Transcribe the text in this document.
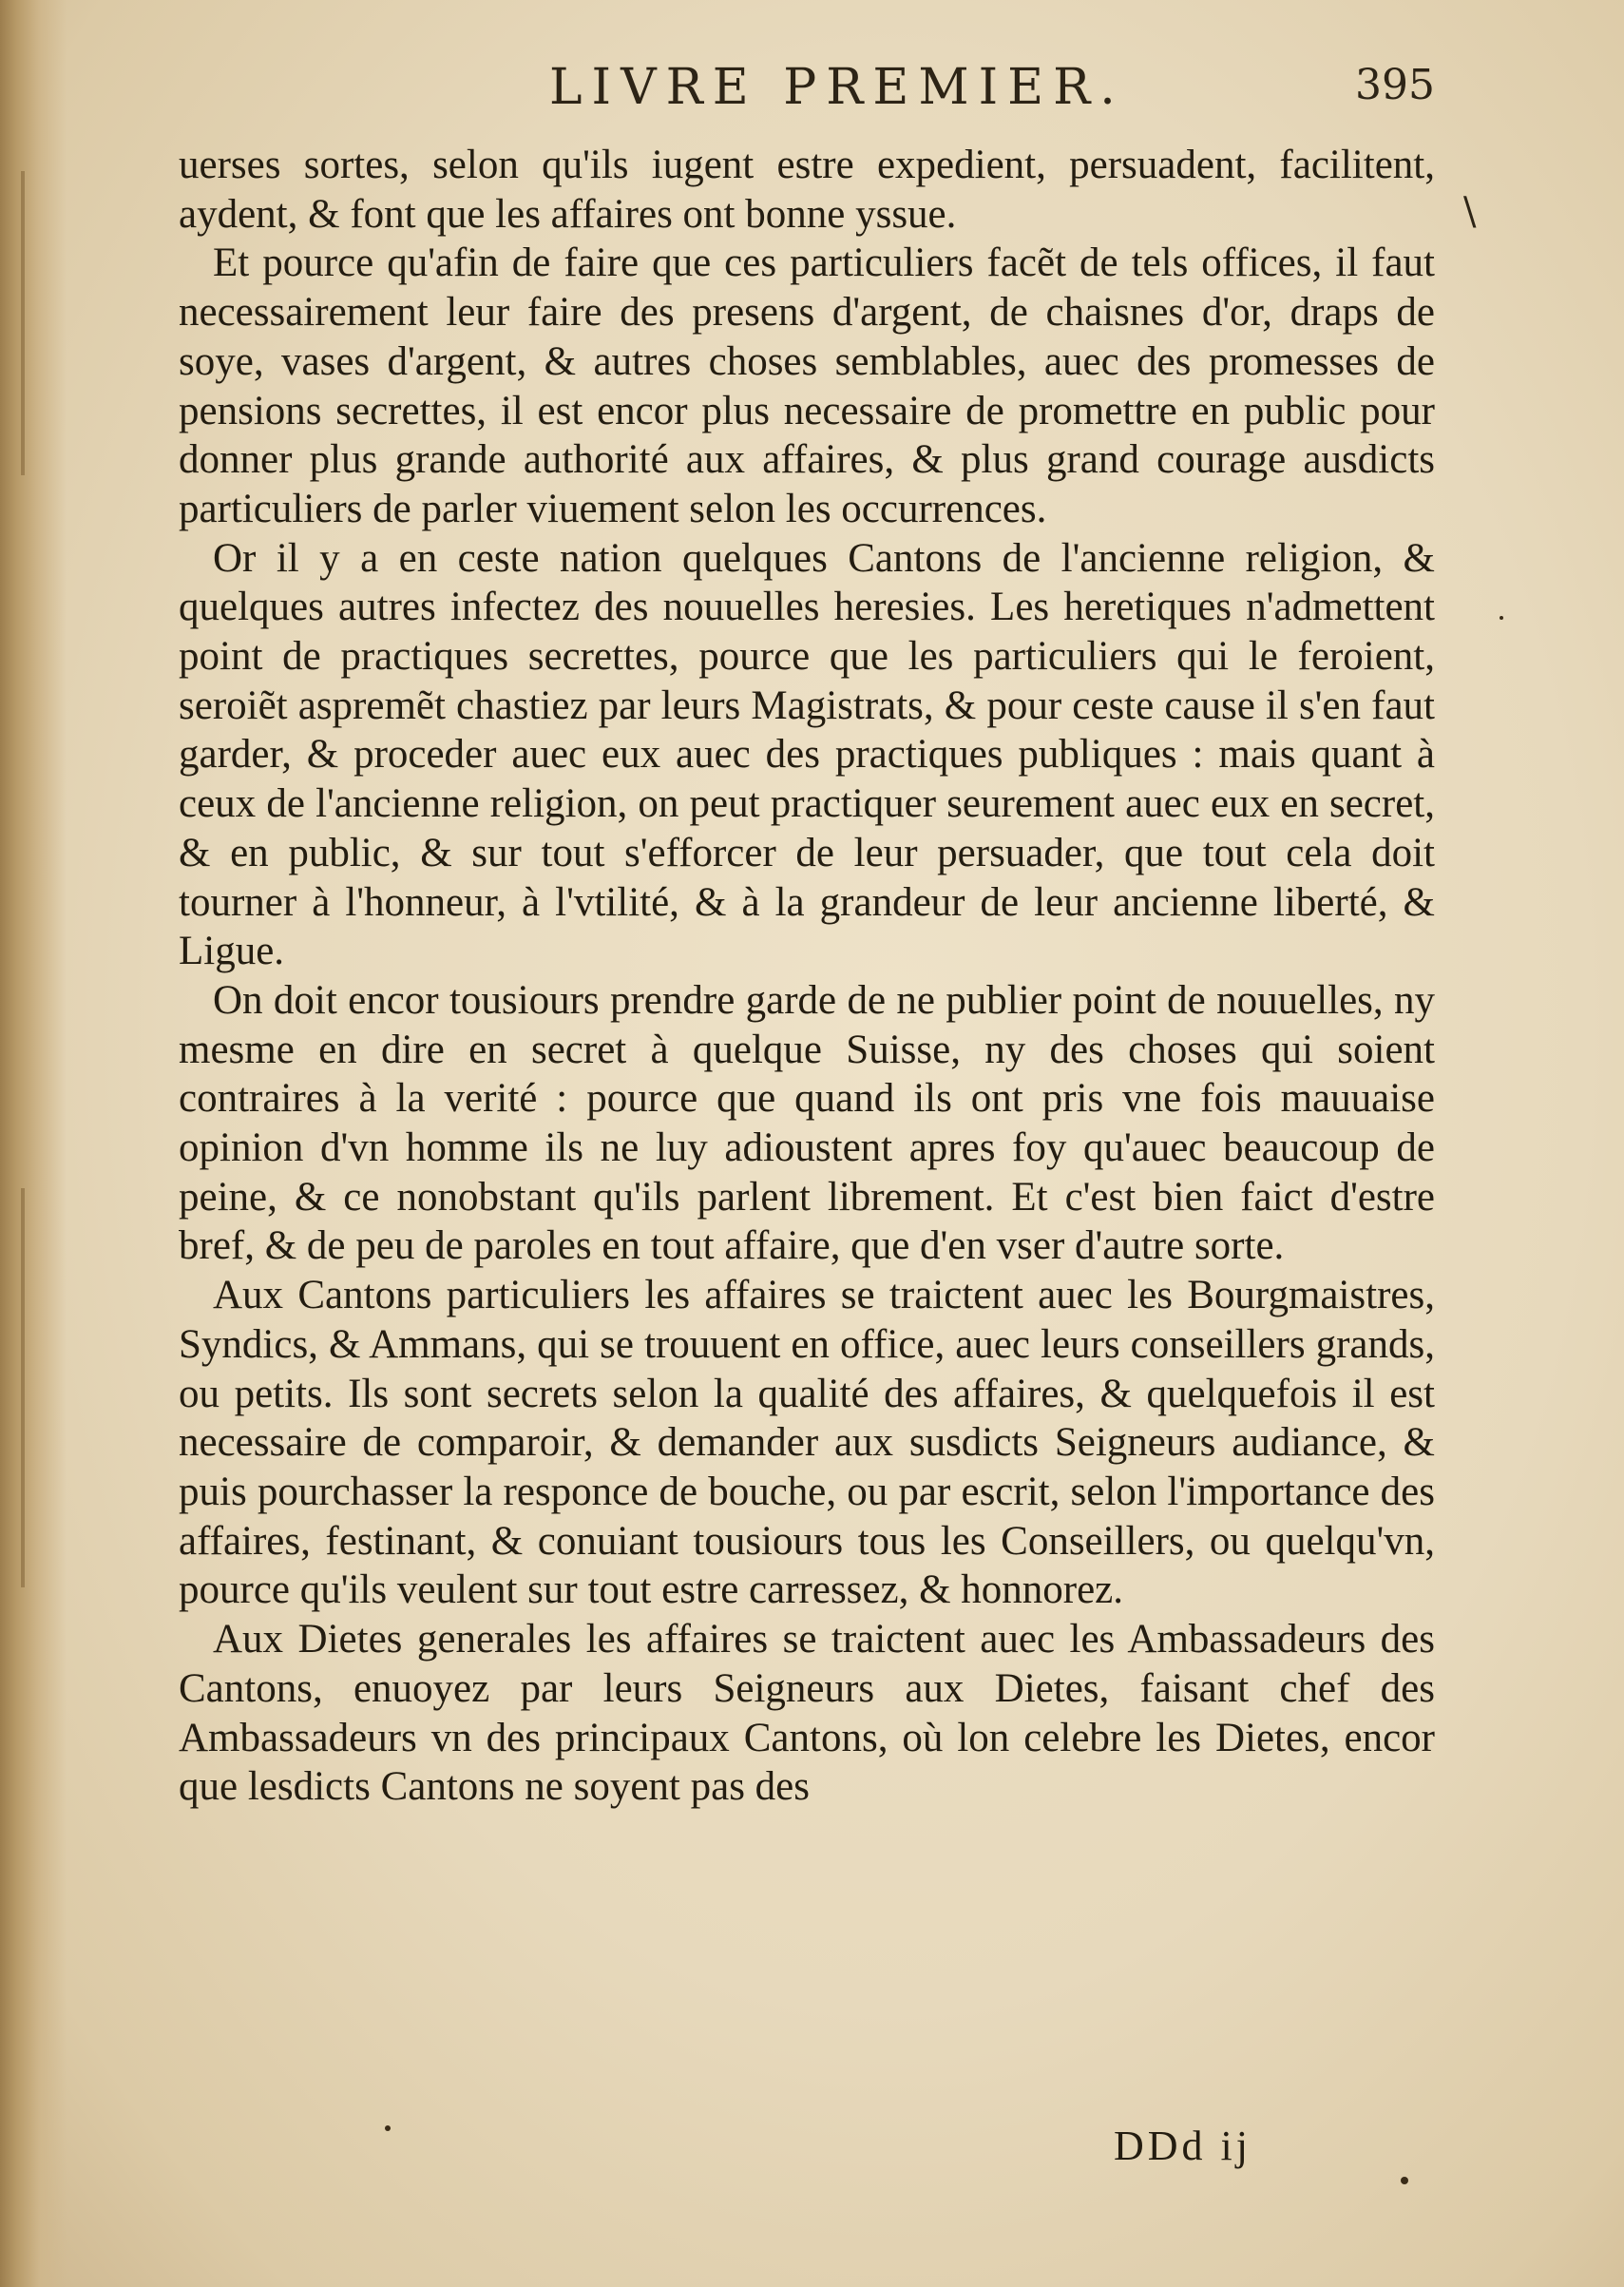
LIVRE PREMIER.	395
\

uerses sortes, selon qu'ils iugent estre expedient, persuadent, facilitent, aydent, & font que les affaires ont bonne yssue.

Et pource qu'afin de faire que ces particuliers facẽt de tels offices, il faut necessairement leur faire des presens d'argent, de chaisnes d'or, draps de soye, vases d'argent, & autres choses semblables, auec des promesses de pensions secrettes, il est encor plus necessaire de promettre en public pour donner plus grande authorité aux affaires, & plus grand courage ausdicts particuliers de parler viuement selon les occurrences.

Or il y a en ceste nation quelques Cantons de l'ancienne religion, & quelques autres infectez des nouuelles heresies. Les heretiques n'admettent point de practiques secrettes, pource que les particuliers qui le feroient, seroiẽt aspremẽt chastiez par leurs Magistrats, & pour ceste cause il s'en faut garder, & proceder auec eux auec des practiques publiques : mais quant à ceux de l'ancienne religion, on peut practiquer seurement auec eux en secret, & en public, & sur tout s'efforcer de leur persuader, que tout cela doit tourner à l'honneur, à l'vtilité, & à la grandeur de leur ancienne liberté, & Ligue.

On doit encor tousiours prendre garde de ne publier point de nouuelles, ny mesme en dire en secret à quelque Suisse, ny des choses qui soient contraires à la verité : pource que quand ils ont pris vne fois mauuaise opinion d'vn homme ils ne luy adioustent apres foy qu'auec beaucoup de peine, & ce nonobstant qu'ils parlent librement. Et c'est bien faict d'estre bref, & de peu de paroles en tout affaire, que d'en vser d'autre sorte.

Aux Cantons particuliers les affaires se traictent auec les Bourgmaistres, Syndics, & Ammans, qui se trouuent en office, auec leurs conseillers grands, ou petits. Ils sont secrets selon la qualité des affaires, & quelquefois il est necessaire de comparoir, & demander aux susdicts Seigneurs audiance, & puis pourchasser la responce de bouche, ou par escrit, selon l'importance des affaires, festinant, & conuiant tousiours tous les Conseillers, ou quelqu'vn, pource qu'ils veulent sur tout estre carressez, & honnorez.

Aux Dietes generales les affaires se traictent auec les Ambassadeurs des Cantons, enuoyez par leurs Seigneurs aux Dietes, faisant chef des Ambassadeurs vn des principaux Cantons, où lon celebre les Dietes, encor que lesdicts Cantons ne soyent pas des

DDd ij
